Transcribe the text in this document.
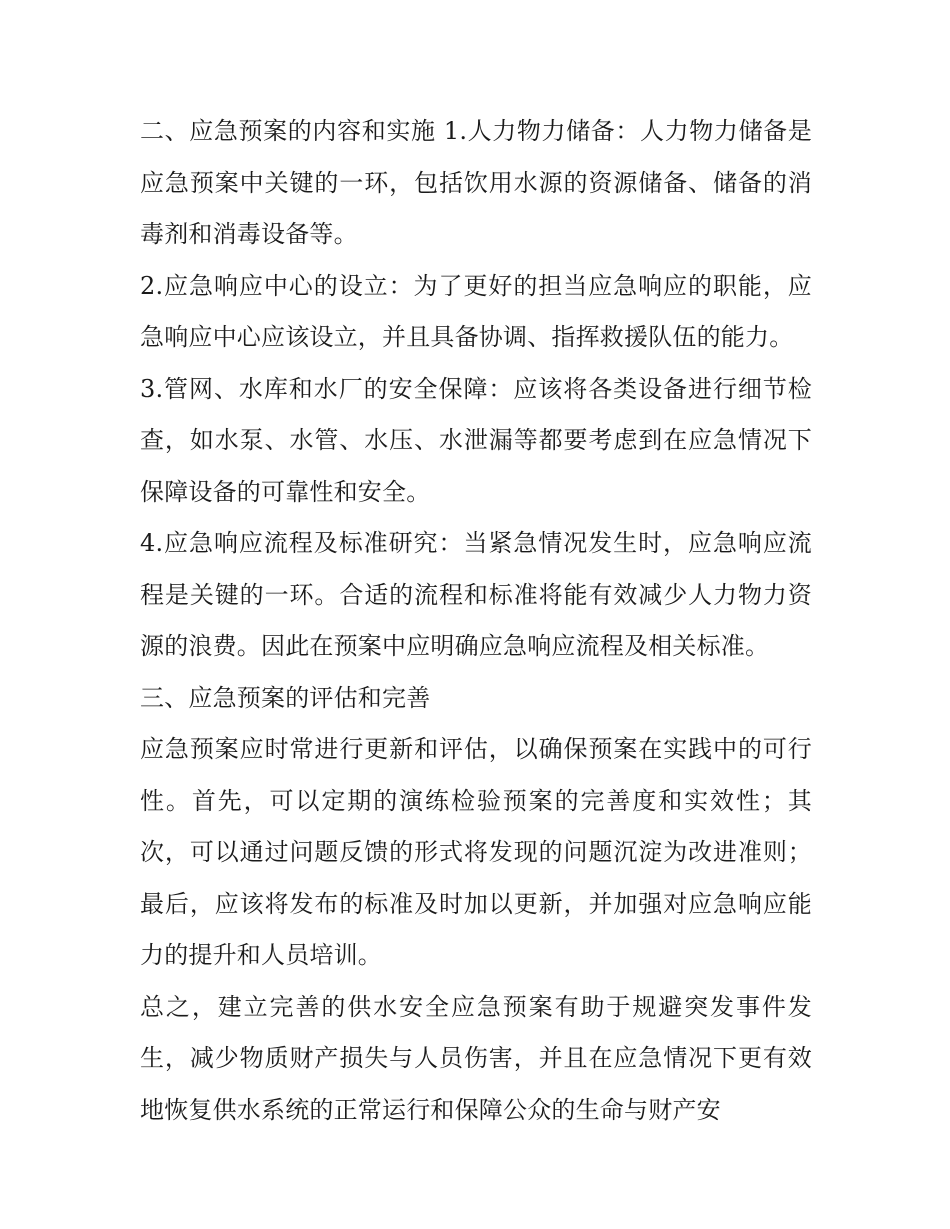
二、应急预案的内容和实施 1.人力物力储备：人力物力储备是应急预案中关键的一环，包括饮用水源的资源储备、储备的消毒剂和消毒设备等。

2.应急响应中心的设立：为了更好的担当应急响应的职能，应急响应中心应该设立，并且具备协调、指挥救援队伍的能力。

3.管网、水库和水厂的安全保障：应该将各类设备进行细节检查，如水泵、水管、水压、水泄漏等都要考虑到在应急情况下保障设备的可靠性和安全。

4.应急响应流程及标准研究：当紧急情况发生时，应急响应流程是关键的一环。合适的流程和标准将能有效减少人力物力资源的浪费。因此在预案中应明确应急响应流程及相关标准。

三、应急预案的评估和完善

应急预案应时常进行更新和评估，以确保预案在实践中的可行性。首先，可以定期的演练检验预案的完善度和实效性；其次，可以通过问题反馈的形式将发现的问题沉淀为改进准则；最后，应该将发布的标准及时加以更新，并加强对应急响应能力的提升和人员培训。

总之，建立完善的供水安全应急预案有助于规避突发事件发生，减少物质财产损失与人员伤害，并且在应急情况下更有效地恢复供水系统的正常运行和保障公众的生命与财产安
